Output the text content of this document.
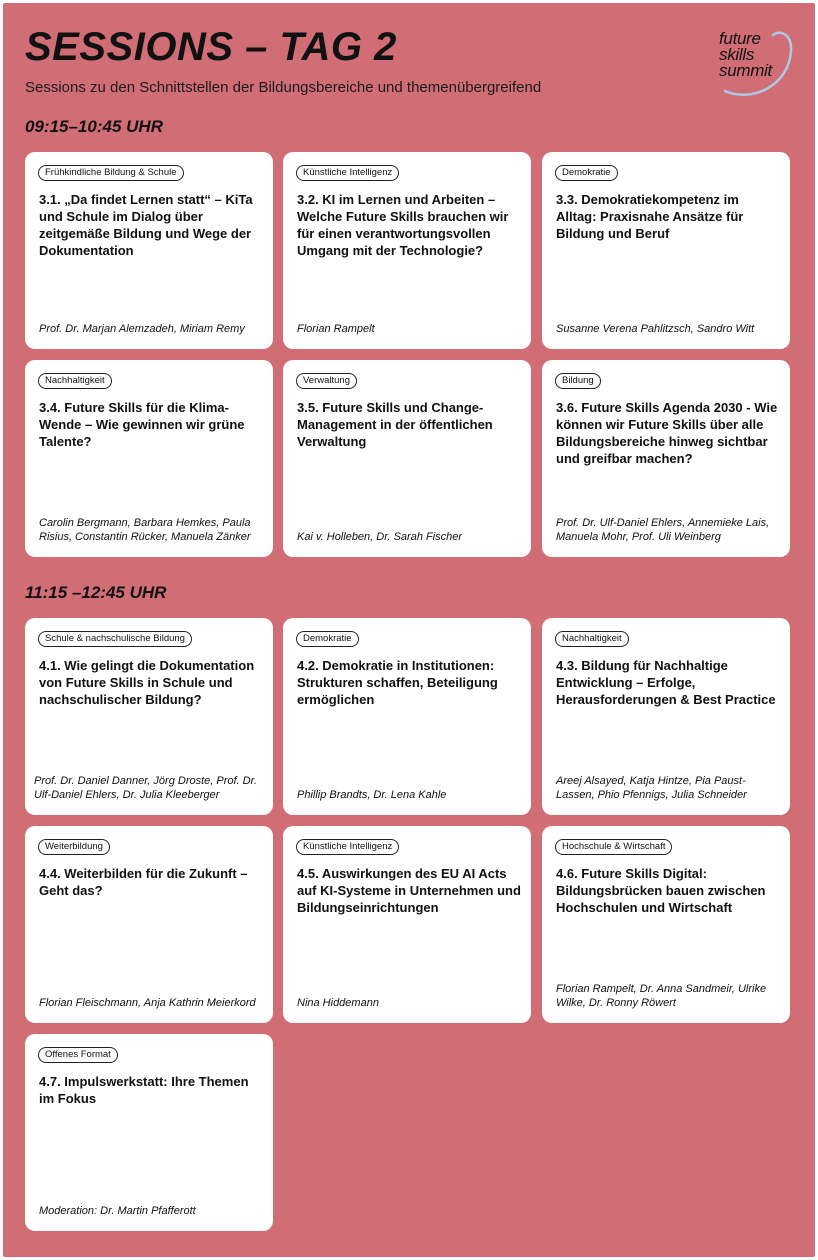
SESSIONS – TAG 2

Sessions zu den Schnittstellen der Bildungsbereiche und themenübergreifend

future
skills
summit
09:15–10:45 UHR
Frühkindliche Bildung & Schule

3.1. „Da findet Lernen statt“ – KiTa und Schule im Dialog über zeitgemäße Bildung und Wege der Dokumentation

Prof. Dr. Marjan Alemzadeh, Miriam Remy
Künstliche Intelligenz

3.2. KI im Lernen und Arbeiten – Welche Future Skills brauchen wir für einen verantwortungsvollen Umgang mit der Technologie?

Florian Rampelt
Demokratie

3.3. Demokratiekompetenz im Alltag: Praxisnahe Ansätze für Bildung und Beruf

Susanne Verena Pahlitzsch, Sandro Witt
Nachhaltigkeit

3.4. Future Skills für die Klima-Wende – Wie gewinnen wir grüne Talente?

Carolin Bergmann, Barbara Hemkes, Paula Risius, Constantin Rücker, Manuela Zänker
Verwaltung

3.5. Future Skills und Change-Management in der öffentlichen Verwaltung

Kai v. Holleben, Dr. Sarah Fischer
Bildung

3.6. Future Skills Agenda 2030 - Wie können wir Future Skills über alle Bildungsbereiche hinweg sichtbar und greifbar machen?

Prof. Dr. Ulf-Daniel Ehlers, Annemieke Lais, Manuela Mohr, Prof. Uli Weinberg
11:15 –12:45 UHR
Schule & nachschulische Bildung

4.1. Wie gelingt die Dokumentation von Future Skills in Schule und nachschulischer Bildung?

Prof. Dr. Daniel Danner, Jörg Droste, Prof. Dr. Ulf-Daniel Ehlers, Dr. Julia Kleeberger
Demokratie

4.2. Demokratie in Institutionen: Strukturen schaffen, Beteiligung ermöglichen

Phillip Brandts, Dr. Lena Kahle
Nachhaltigkeit

4.3. Bildung für Nachhaltige Entwicklung – Erfolge, Herausforderungen & Best Practice

Areej Alsayed, Katja Hintze, Pia Paust-Lassen, Phio Pfennigs, Julia Schneider
Weiterbildung

4.4. Weiterbilden für die Zukunft – Geht das?

Florian Fleischmann, Anja Kathrin Meierkord
Künstliche Intelligenz

4.5. Auswirkungen des EU AI Acts auf KI-Systeme in Unternehmen und Bildungseinrichtungen

Nina Hiddemann
Hochschule & Wirtschaft

4.6. Future Skills Digital: Bildungsbrücken bauen zwischen Hochschulen und Wirtschaft

Florian Rampelt, Dr. Anna Sandmeir, Ulrike Wilke, Dr. Ronny Röwert
Offenes Format

4.7. Impulswerkstatt: Ihre Themen im Fokus

Moderation: Dr. Martin Pfafferott
